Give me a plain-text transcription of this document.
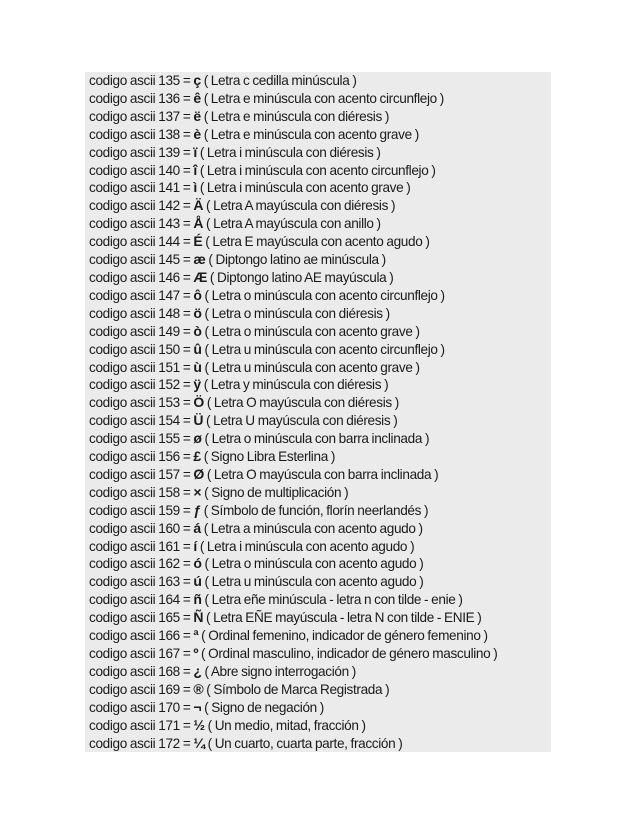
codigo ascii 135 = ç ( Letra c cedilla minúscula )
codigo ascii 136 = ê ( Letra e minúscula con acento circunflejo )
codigo ascii 137 = ë ( Letra e minúscula con diéresis )
codigo ascii 138 = è ( Letra e minúscula con acento grave )
codigo ascii 139 = ï ( Letra i minúscula con diéresis )
codigo ascii 140 = î ( Letra i minúscula con acento circunflejo )
codigo ascii 141 = ì ( Letra i minúscula con acento grave )
codigo ascii 142 = Ä ( Letra A mayúscula con diéresis )
codigo ascii 143 = Å ( Letra A mayúscula con anillo )
codigo ascii 144 = É ( Letra E mayúscula con acento agudo )
codigo ascii 145 = æ ( Diptongo latino ae minúscula )
codigo ascii 146 = Æ ( Diptongo latino AE mayúscula )
codigo ascii 147 = ô ( Letra o minúscula con acento circunflejo )
codigo ascii 148 = ö ( Letra o minúscula con diéresis )
codigo ascii 149 = ò ( Letra o minúscula con acento grave )
codigo ascii 150 = û ( Letra u minúscula con acento circunflejo )
codigo ascii 151 = ù ( Letra u minúscula con acento grave )
codigo ascii 152 = ÿ ( Letra y minúscula con diéresis )
codigo ascii 153 = Ö ( Letra O mayúscula con diéresis )
codigo ascii 154 = Ü ( Letra U mayúscula con diéresis )
codigo ascii 155 = ø ( Letra o minúscula con barra inclinada )
codigo ascii 156 = £ ( Signo Libra Esterlina )
codigo ascii 157 = Ø ( Letra O mayúscula con barra inclinada )
codigo ascii 158 = × ( Signo de multiplicación )
codigo ascii 159 = ƒ ( Símbolo de función, florín neerlandés )
codigo ascii 160 = á ( Letra a minúscula con acento agudo )
codigo ascii 161 = í ( Letra i minúscula con acento agudo )
codigo ascii 162 = ó ( Letra o minúscula con acento agudo )
codigo ascii 163 = ú ( Letra u minúscula con acento agudo )
codigo ascii 164 = ñ ( Letra eñe minúscula - letra n con tilde - enie )
codigo ascii 165 = Ñ ( Letra EÑE mayúscula - letra N con tilde - ENIE )
codigo ascii 166 = ª ( Ordinal femenino, indicador de género femenino )
codigo ascii 167 = º ( Ordinal masculino, indicador de género masculino )
codigo ascii 168 = ¿ ( Abre signo interrogación )
codigo ascii 169 = ® ( Símbolo de Marca Registrada )
codigo ascii 170 = ¬ ( Signo de negación )
codigo ascii 171 = ½ ( Un medio, mitad, fracción )
codigo ascii 172 = ¼ ( Un cuarto, cuarta parte, fracción )
